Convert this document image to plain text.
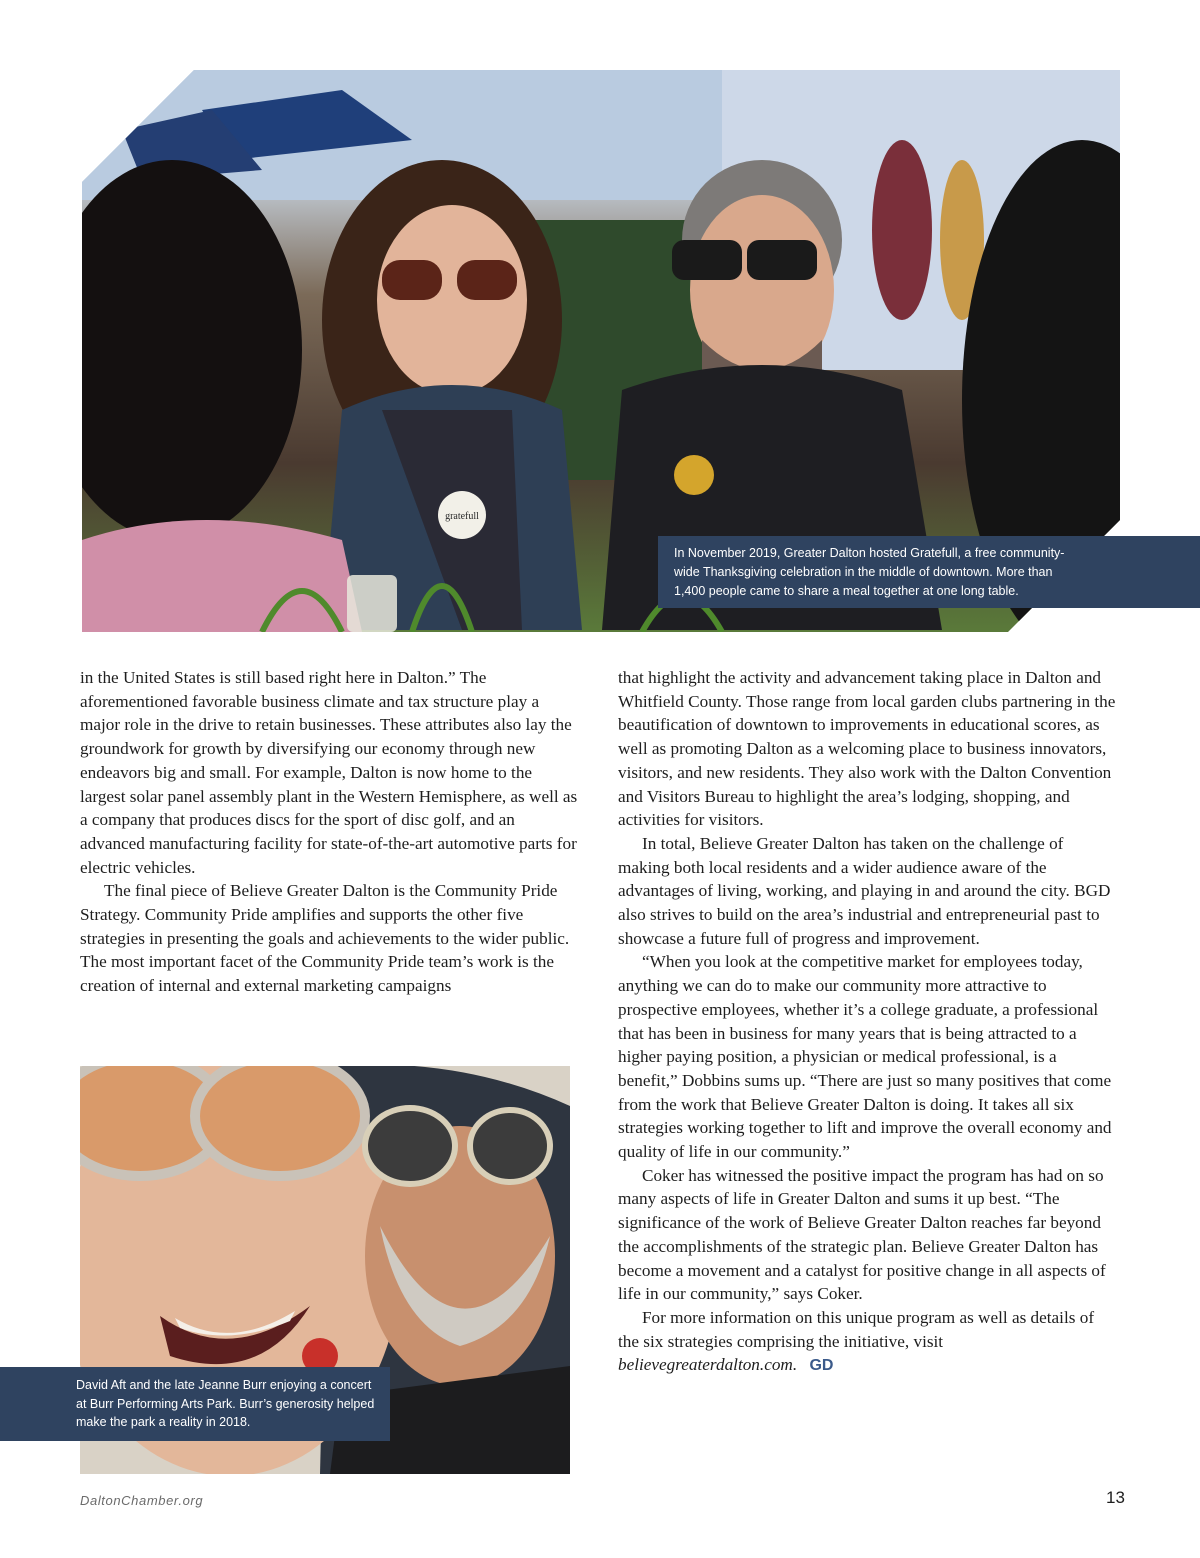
gratefull

In November 2019, Greater Dalton hosted Gratefull, a free community-wide Thanksgiving celebration in the middle of downtown. More than 1,400 people came to share a meal together at one long table.

in the United States is still based right here in Dalton.” The aforementioned favorable business climate and tax structure play a major role in the drive to retain businesses. These attributes also lay the groundwork for growth by diversifying our economy through new endeavors big and small. For example, Dalton is now home to the largest solar panel assembly plant in the Western Hemisphere, as well as a company that produces discs for the sport of disc golf, and an advanced manufacturing facility for state-of-the-art automotive parts for electric vehicles.

The final piece of Believe Greater Dalton is the Community Pride Strategy. Community Pride amplifies and supports the other five strategies in presenting the goals and achievements to the wider public. The most important facet of the Community Pride team’s work is the creation of internal and external marketing campaigns

that highlight the activity and advancement taking place in Dalton and Whitfield County. Those range from local garden clubs partnering in the beautification of downtown to improvements in educational scores, as well as promoting Dalton as a welcoming place to business innovators, visitors, and new residents. They also work with the Dalton Convention and Visitors Bureau to highlight the area’s lodging, shopping, and activities for visitors.

In total, Believe Greater Dalton has taken on the challenge of making both local residents and a wider audience aware of the advantages of living, working, and playing in and around the city. BGD also strives to build on the area’s industrial and entrepreneurial past to showcase a future full of progress and improvement.

“When you look at the competitive market for employees today, anything we can do to make our community more attractive to prospective employees, whether it’s a college graduate, a professional that has been in business for many years that is being attracted to a higher paying position, a physician or medical professional, is a benefit,” Dobbins sums up. “There are just so many positives that come from the work that Believe Greater Dalton is doing. It takes all six strategies working together to lift and improve the overall economy and quality of life in our community.”

Coker has witnessed the positive impact the program has had on so many aspects of life in Greater Dalton and sums it up best. “The significance of the work of Believe Greater Dalton reaches far beyond the accomplishments of the strategic plan. Believe Greater Dalton has become a movement and a catalyst for positive change in all aspects of life in our community,” says Coker.

For more information on this unique program as well as details of the six strategies comprising the initiative, visit believegreaterdalton.com. GD

David Aft and the late Jeanne Burr enjoying a concert at Burr Performing Arts Park. Burr’s generosity helped make the park a reality in 2018.

DaltonChamber.org	13
